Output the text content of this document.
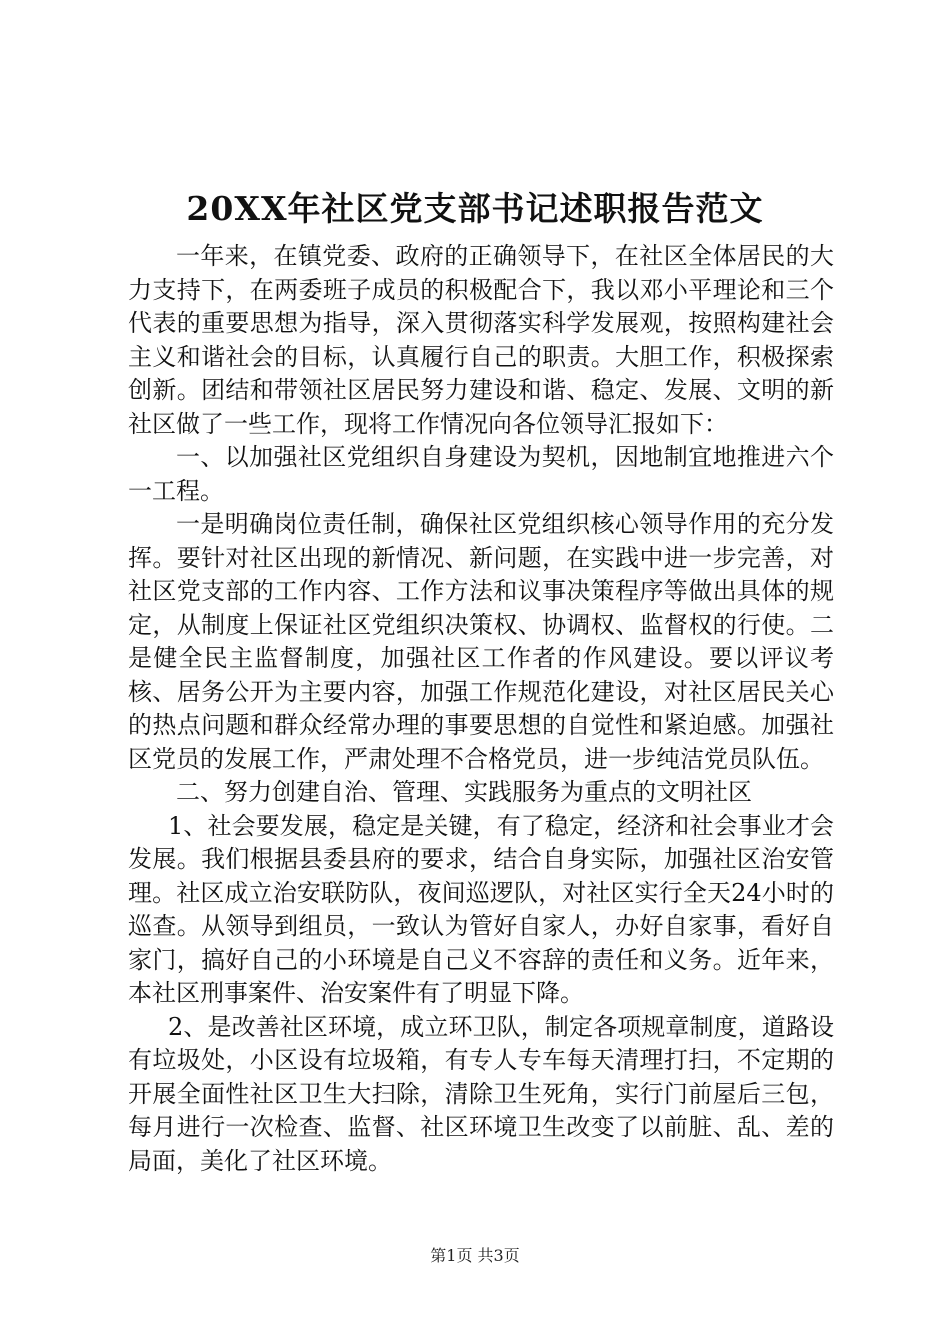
20XX年社区党支部书记述职报告范文

一年来，在镇党委、政府的正确领导下，在社区全体居民的大力支持下，在两委班子成员的积极配合下，我以邓小平理论和三个代表的重要思想为指导，深入贯彻落实科学发展观，按照构建社会主义和谐社会的目标，认真履行自己的职责。大胆工作，积极探索创新。团结和带领社区居民努力建设和谐、稳定、发展、文明的新社区做了一些工作，现将工作情况向各位领导汇报如下：

一、以加强社区党组织自身建设为契机，因地制宜地推进六个一工程。

一是明确岗位责任制，确保社区党组织核心领导作用的充分发挥。要针对社区出现的新情况、新问题，在实践中进一步完善，对社区党支部的工作内容、工作方法和议事决策程序等做出具体的规定，从制度上保证社区党组织决策权、协调权、监督权的行使。二是健全民主监督制度，加强社区工作者的作风建设。要以评议考核、居务公开为主要内容，加强工作规范化建设，对社区居民关心的热点问题和群众经常办理的事要思想的自觉性和紧迫感。加强社区党员的发展工作，严肃处理不合格党员，进一步纯洁党员队伍。

二、努力创建自治、管理、实践服务为重点的文明社区

1、社会要发展，稳定是关键，有了稳定，经济和社会事业才会发展。我们根据县委县府的要求，结合自身实际，加强社区治安管理。社区成立治安联防队，夜间巡逻队，对社区实行全天24小时的巡查。从领导到组员，一致认为管好自家人，办好自家事，看好自家门，搞好自己的小环境是自己义不容辞的责任和义务。近年来，本社区刑事案件、治安案件有了明显下降。

2、是改善社区环境，成立环卫队，制定各项规章制度，道路设有垃圾处，小区设有垃圾箱，有专人专车每天清理打扫，不定期的开展全面性社区卫生大扫除，清除卫生死角，实行门前屋后三包，每月进行一次检查、监督、社区环境卫生改变了以前脏、乱、差的局面，美化了社区环境。

第1页 共3页
